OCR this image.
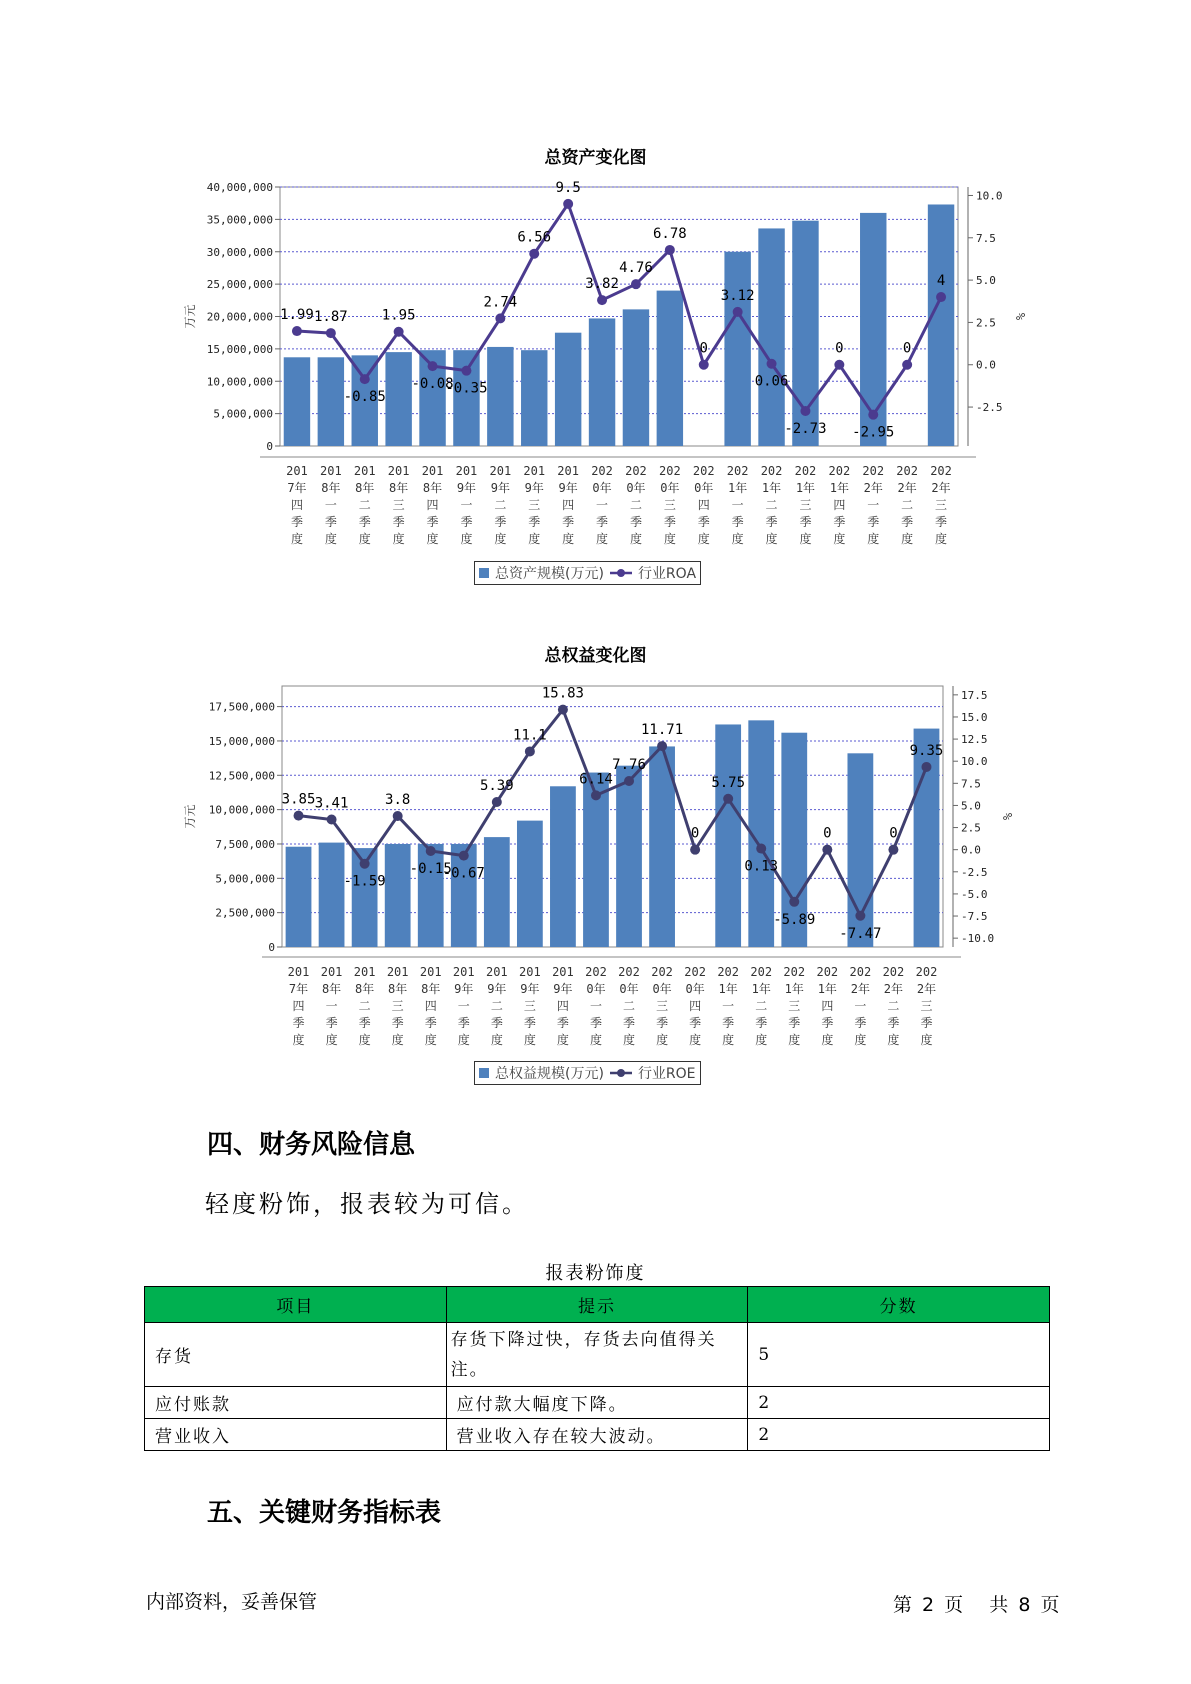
总资产变化图
0
5,000,000
10,000,000
15,000,000
20,000,000
25,000,000
30,000,000
35,000,000
40,000,000
-2.5
0.0
2.5
5.0
7.5
10.0
万元	%
1.99 1.87
-0.85
1.95
-0.08
-0.35
2.74
6.56
9.5
3.82
4.76
6.78
0
3.12
0.06
-2.73
0
-2.95
0
4
201
7年
四
季
度
201
8年
一
季
度
201
8年
二
季
度
201
8年
三
季
度
201
8年
四
季
度
201
9年
一
季
度
201
9年
二
季
度
201
9年
三
季
度
201
9年
四
季
度
202
0年
一
季
度
202
0年
二
季
度
202
0年
三
季
度
202
0年
四
季
度
202
1年
一
季
度
202
1年
二
季
度
202
1年
三
季
度
202
1年
四
季
度
202
2年
一
季
度
202
2年
二
季
度
202
2年
三
季
度
总资产规模(万元) 行业ROA
总权益变化图
0
2,500,000
5,000,000
7,500,000
10,000,000
12,500,000
15,000,000
17,500,000
-10.0
-7.5
-5.0
-2.5
0.0
2.5
5.0
7.5
10.0
12.5
15.0
17.5
万元	%
3.85 3.41
-1.59
3.8
-0.15
-0.67
5.39
11.1
15.83
6.14
7.76
11.71
0
5.75
0.13
-5.89
0
-7.47
0
9.35
201
7年
四
季
度
201
8年
一
季
度
201
8年
二
季
度
201
8年
三
季
度
201
8年
四
季
度
201
9年
一
季
度
201
9年
二
季
度
201
9年
三
季
度
201
9年
四
季
度
202
0年
一
季
度
202
0年
二
季
度
202
0年
三
季
度
202
0年
四
季
度
202
1年
一
季
度
202
1年
二
季
度
202
1年
三
季
度
202
1年
四
季
度
202
2年
一
季
度
202
2年
二
季
度
202
2年
三
季
度
总权益规模(万元) 行业ROE
四、财务风险信息
轻度粉饰，报表较为可信。
报表粉饰度
项目	提示	分数
存货	存货下降过快，存货去向值得关注。	5
应付账款	应付款大幅度下降。	2
营业收入	营业收入存在较大波动。	2
五、关键财务指标表
内部资料，妥善保管	第 2 页   共 8 页
